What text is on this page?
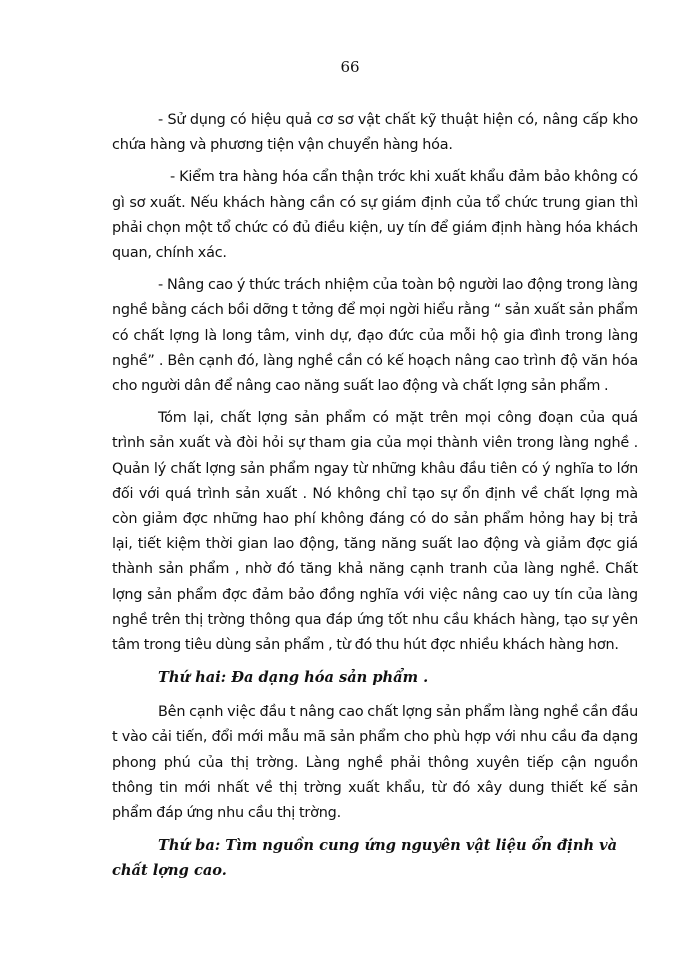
66

- Sử dụng có hiệu quả cơ sơ vật chất kỹ thuật hiện có, nâng cấp kho chứa hàng và phương tiện vận chuyển hàng hóa.

- Kiểm tra hàng hóa cẩn thận trớc khi xuất khẩu đảm bảo không có gì sơ xuất. Nếu khách hàng cần có sự giám định của tổ chức trung gian thì phải chọn một tổ chức có đủ điều kiện, uy tín để giám định hàng hóa khách quan, chính xác.

- Nâng cao ý thức trách nhiệm của toàn bộ người lao động trong làng nghề bằng cách bồi dỡng t tởng để mọi ngời hiểu rằng “ sản xuất sản phẩm có chất lợng là long tâm, vinh dự, đạo đức của mỗi hộ gia đình trong làng nghề” . Bên cạnh đó, làng nghề cần có kế hoạch nâng cao trình độ văn hóa cho người dân để nâng cao năng suất lao động và chất lợng sản phẩm .

Tóm lại, chất lợng sản phẩm có mặt trên mọi công đoạn của quá trình sản xuất và đòi hỏi sự tham gia của mọi thành viên trong làng nghề . Quản lý chất lợng sản phẩm ngay từ những khâu đầu tiên có ý nghĩa to lớn đối với quá trình sản xuất . Nó không chỉ tạo sự ổn định về chất lợng mà còn giảm đợc những hao phí không đáng có do sản phẩm hỏng hay bị trả lại, tiết kiệm thời gian lao động, tăng năng suất lao động và giảm đợc giá thành sản phẩm , nhờ đó tăng khả năng cạnh tranh của làng nghề. Chất lợng sản phẩm đợc đảm bảo đồng nghĩa với việc nâng cao uy tín của làng nghề trên thị trờng thông qua đáp ứng tốt nhu cầu khách hàng, tạo sự yên tâm trong tiêu dùng sản phẩm , từ đó thu hút đợc nhiều khách hàng hơn.

Thứ hai: Đa dạng hóa sản phẩm .

Bên cạnh việc đầu t nâng cao chất lợng sản phẩm làng nghề cần đầu t vào cải tiến, đổi mới mẫu mã sản phẩm cho phù hợp với nhu cầu đa dạng phong phú của thị trờng. Làng nghề phải thông xuyên tiếp cận nguồn thông tin mới nhất về thị trờng xuất khẩu, từ đó xây dung thiết kế sản phẩm đáp ứng nhu cầu thị trờng.

Thứ ba: Tìm nguồn cung ứng nguyên vật liệu ổn định và chất lợng cao.
